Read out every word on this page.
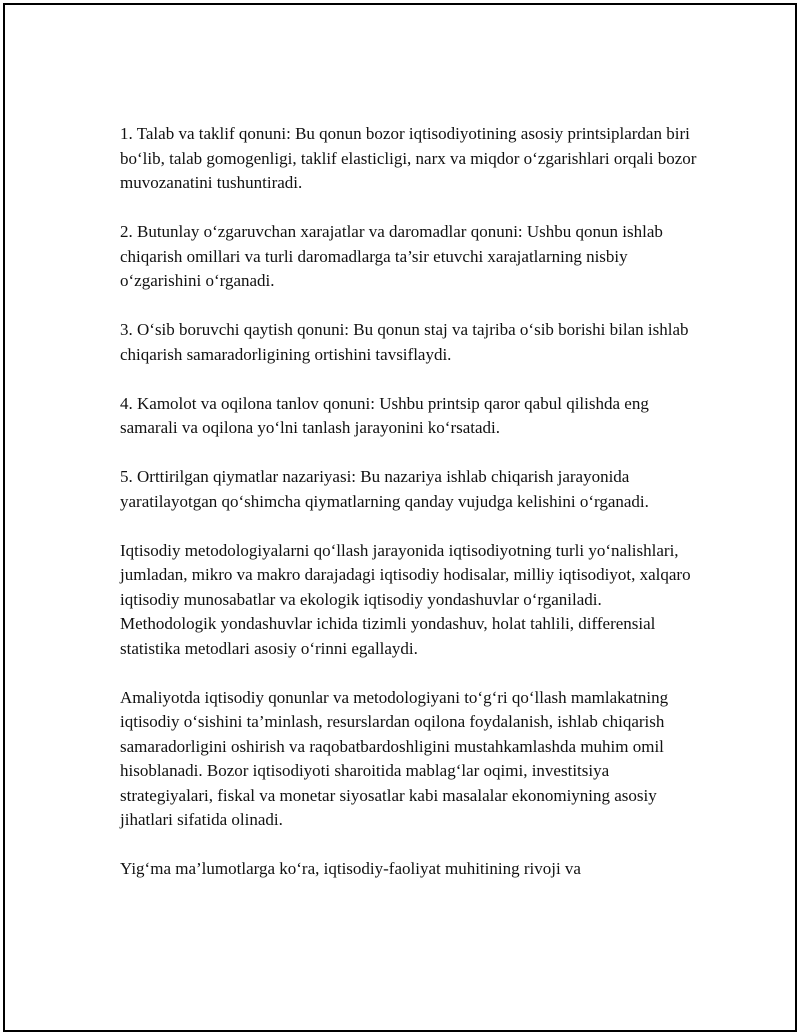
1. Talab va taklif qonuni: Bu qonun bozor iqtisodiyotining asosiy printsiplardan biri bo‘lib, talab gomogenligi, taklif elasticligi, narx va miqdor o‘zgarishlari orqali bozor muvozanatini tushuntiradi.

2. Butunlay o‘zgaruvchan xarajatlar va daromadlar qonuni: Ushbu qonun ishlab chiqarish omillari va turli daromadlarga ta’sir etuvchi xarajatlarning nisbiy o‘zgarishini o‘rganadi.

3. O‘sib boruvchi qaytish qonuni: Bu qonun staj va tajriba o‘sib borishi bilan ishlab chiqarish samaradorligining ortishini tavsiflaydi.

4. Kamolot va oqilona tanlov qonuni: Ushbu printsip qaror qabul qilishda eng samarali va oqilona yo‘lni tanlash jarayonini ko‘rsatadi.

5. Orttirilgan qiymatlar nazariyasi: Bu nazariya ishlab chiqarish jarayonida yaratilayotgan qo‘shimcha qiymatlarning qanday vujudga kelishini o‘rganadi.

Iqtisodiy metodologiyalarni qo‘llash jarayonida iqtisodiyotning turli yo‘nalishlari, jumladan, mikro va makro darajadagi iqtisodiy hodisalar, milliy iqtisodiyot, xalqaro iqtisodiy munosabatlar va ekologik iqtisodiy yondashuvlar o‘rganiladi. Methodologik yondashuvlar ichida tizimli yondashuv, holat tahlili, differensial statistika metodlari asosiy o‘rinni egallaydi.

Amaliyotda iqtisodiy qonunlar va metodologiyani to‘g‘ri qo‘llash mamlakatning iqtisodiy o‘sishini ta’minlash, resurslardan oqilona foydalanish, ishlab chiqarish samaradorligini oshirish va raqobatbardoshligini mustahkamlashda muhim omil hisoblanadi. Bozor iqtisodiyoti sharoitida mablag‘lar oqimi, investitsiya strategiyalari, fiskal va monetar siyosatlar kabi masalalar ekonomiyning asosiy jihatlari sifatida olinadi.

Yig‘ma ma’lumotlarga ko‘ra, iqtisodiy-faoliyat muhitining rivoji va
